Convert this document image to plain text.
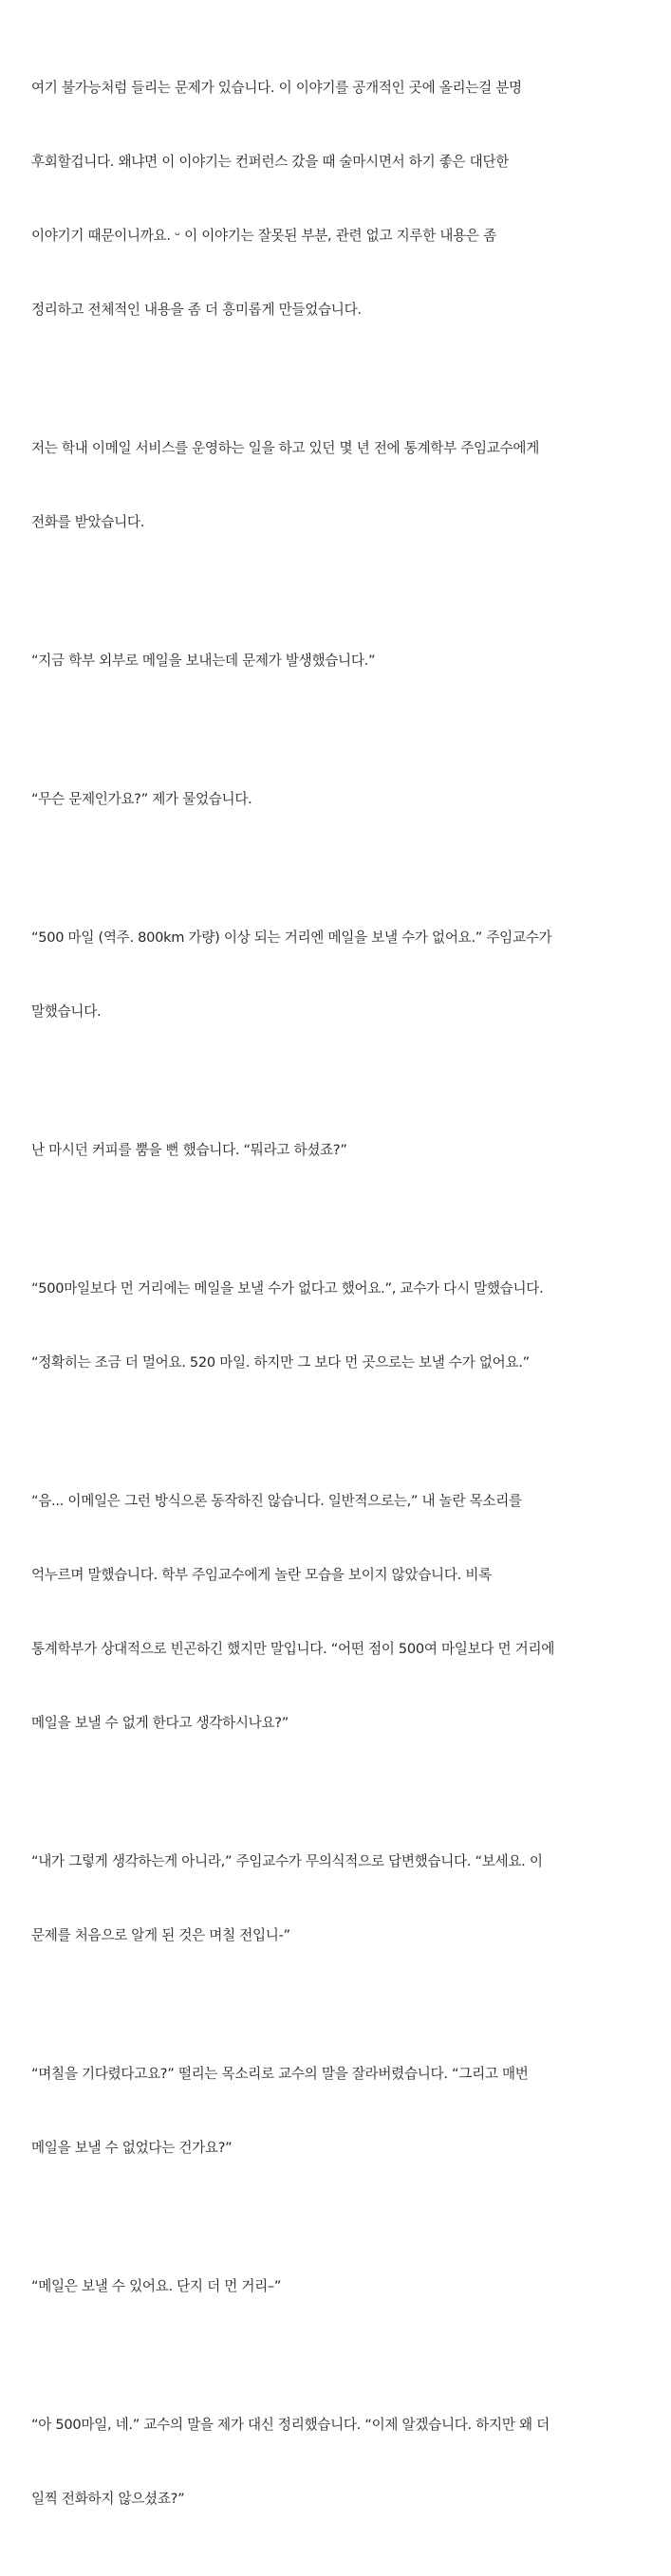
여기 불가능처럼 들리는 문제가 있습니다. 이 이야기를 공개적인 곳에 올리는걸 분명

후회할겁니다. 왜냐면 이 이야기는 컨퍼런스 갔을 때 술마시면서 하기 좋은 대단한

이야기기 때문이니까요. ᵕ 이 이야기는 잘못된 부분, 관련 없고 지루한 내용은 좀

정리하고 전체적인 내용을 좀 더 흥미롭게 만들었습니다.

저는 학내 이메일 서비스를 운영하는 일을 하고 있던 몇 년 전에 통계학부 주임교수에게

전화를 받았습니다.

“지금 학부 외부로 메일을 보내는데 문제가 발생했습니다.”

“무슨 문제인가요?” 제가 물었습니다.

“500 마일 (역주. 800km 가량) 이상 되는 거리엔 메일을 보낼 수가 없어요.” 주임교수가

말했습니다.

난 마시던 커피를 뿜을 뻔 했습니다. “뭐라고 하셨죠?”

“500마일보다 먼 거리에는 메일을 보낼 수가 없다고 했어요.”, 교수가 다시 말했습니다.

“정확히는 조금 더 멀어요. 520 마일. 하지만 그 보다 먼 곳으로는 보낼 수가 없어요.”

“음... 이메일은 그런 방식으론 동작하진 않습니다. 일반적으로는,” 내 놀란 목소리를

억누르며 말했습니다. 학부 주임교수에게 놀란 모습을 보이지 않았습니다. 비록

통계학부가 상대적으로 빈곤하긴 했지만 말입니다. “어떤 점이 500여 마일보다 먼 거리에

메일을 보낼 수 없게 한다고 생각하시나요?”

“내가 그렇게 생각하는게 아니라,” 주임교수가 무의식적으로 답변했습니다. “보세요. 이

문제를 처음으로 알게 된 것은 며칠 전입니-”

“며칠을 기다렸다고요?” 떨리는 목소리로 교수의 말을 잘라버렸습니다. “그리고 매번

메일을 보낼 수 없었다는 건가요?”

“메일은 보낼 수 있어요. 단지 더 먼 거리–”

“아 500마일, 네.” 교수의 말을 제가 대신 정리했습니다. “이제 알겠습니다. 하지만 왜 더

일찍 전화하지 않으셨죠?”
